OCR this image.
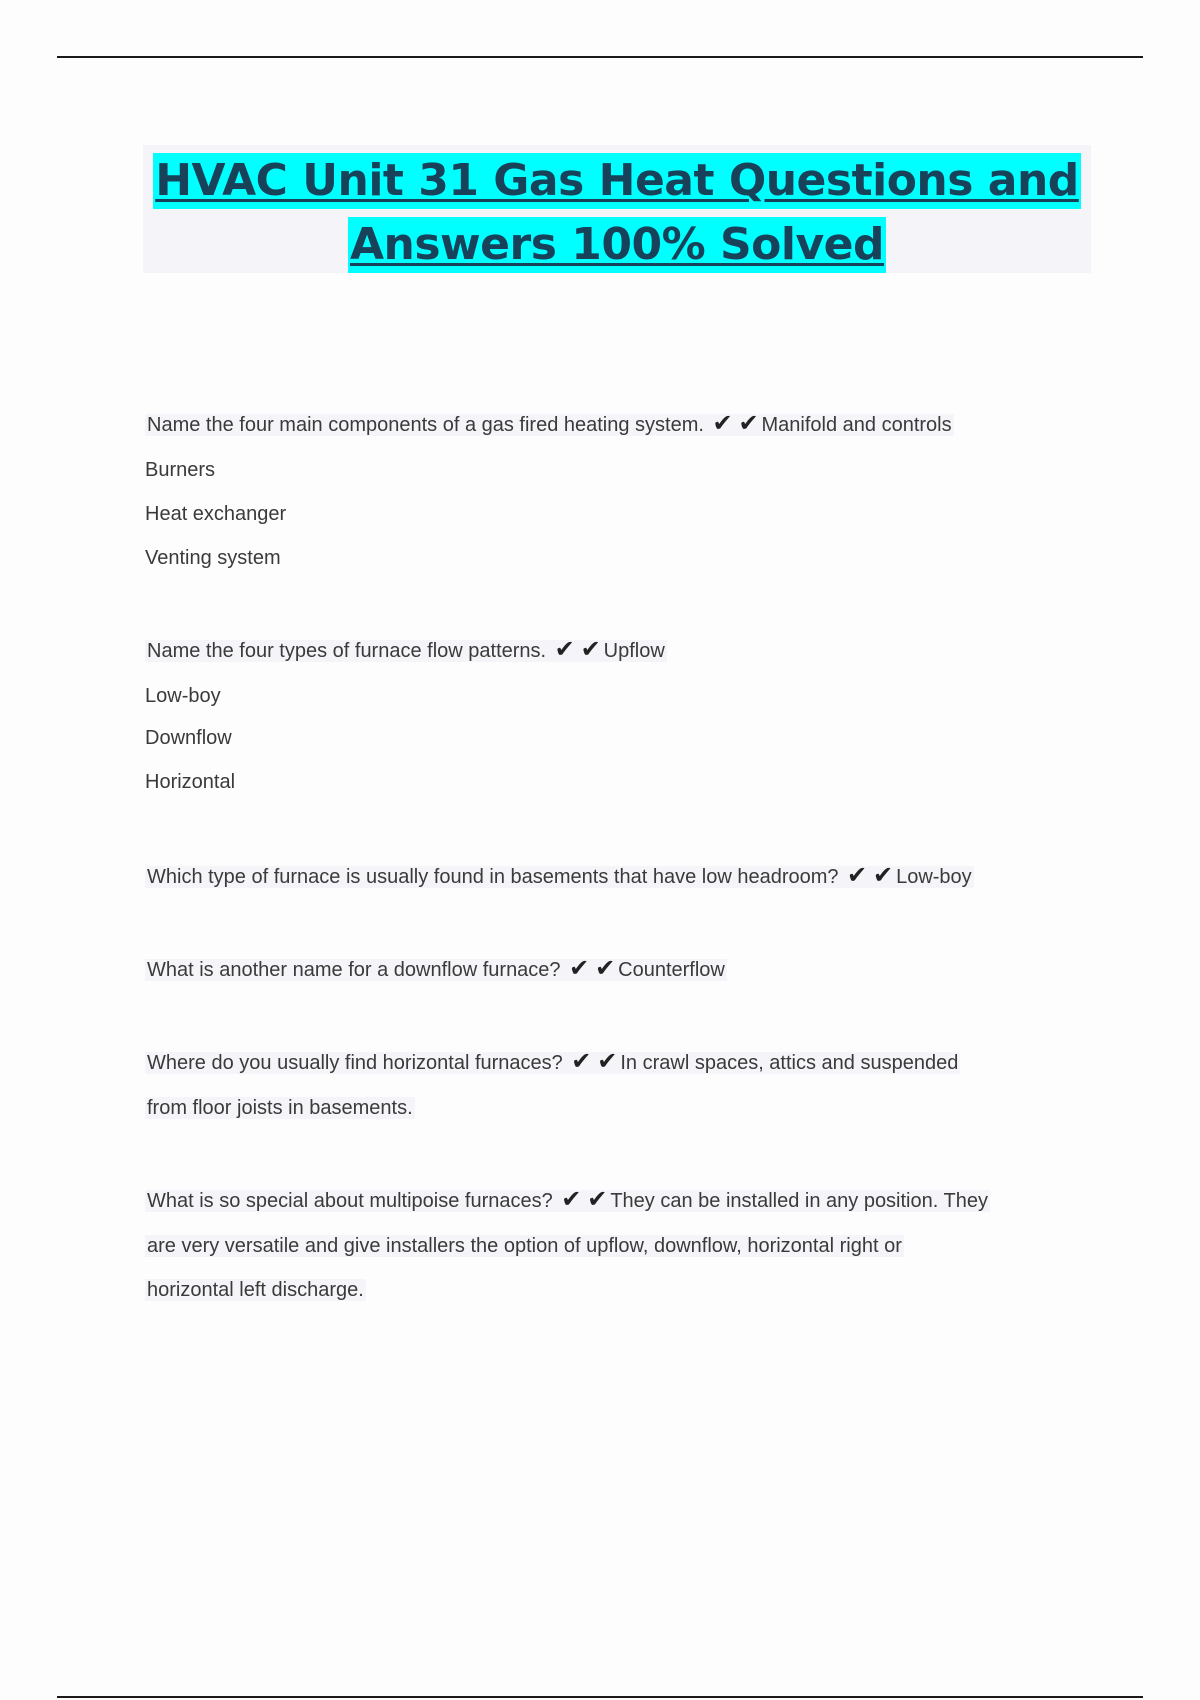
HVAC Unit 31 Gas Heat Questions and
Answers 100% Solved
Name the four main components of a gas fired heating system. ✔ ✔ Manifold and controls
Burners
Heat exchanger
Venting system
Name the four types of furnace flow patterns. ✔ ✔ Upflow
Low-boy
Downflow
Horizontal
Which type of furnace is usually found in basements that have low headroom? ✔ ✔ Low-boy
What is another name for a downflow furnace? ✔ ✔ Counterflow
Where do you usually find horizontal furnaces? ✔ ✔ In crawl spaces, attics and suspended
from floor joists in basements.
What is so special about multipoise furnaces? ✔ ✔ They can be installed in any position. They
are very versatile and give installers the option of upflow, downflow, horizontal right or
horizontal left discharge.
